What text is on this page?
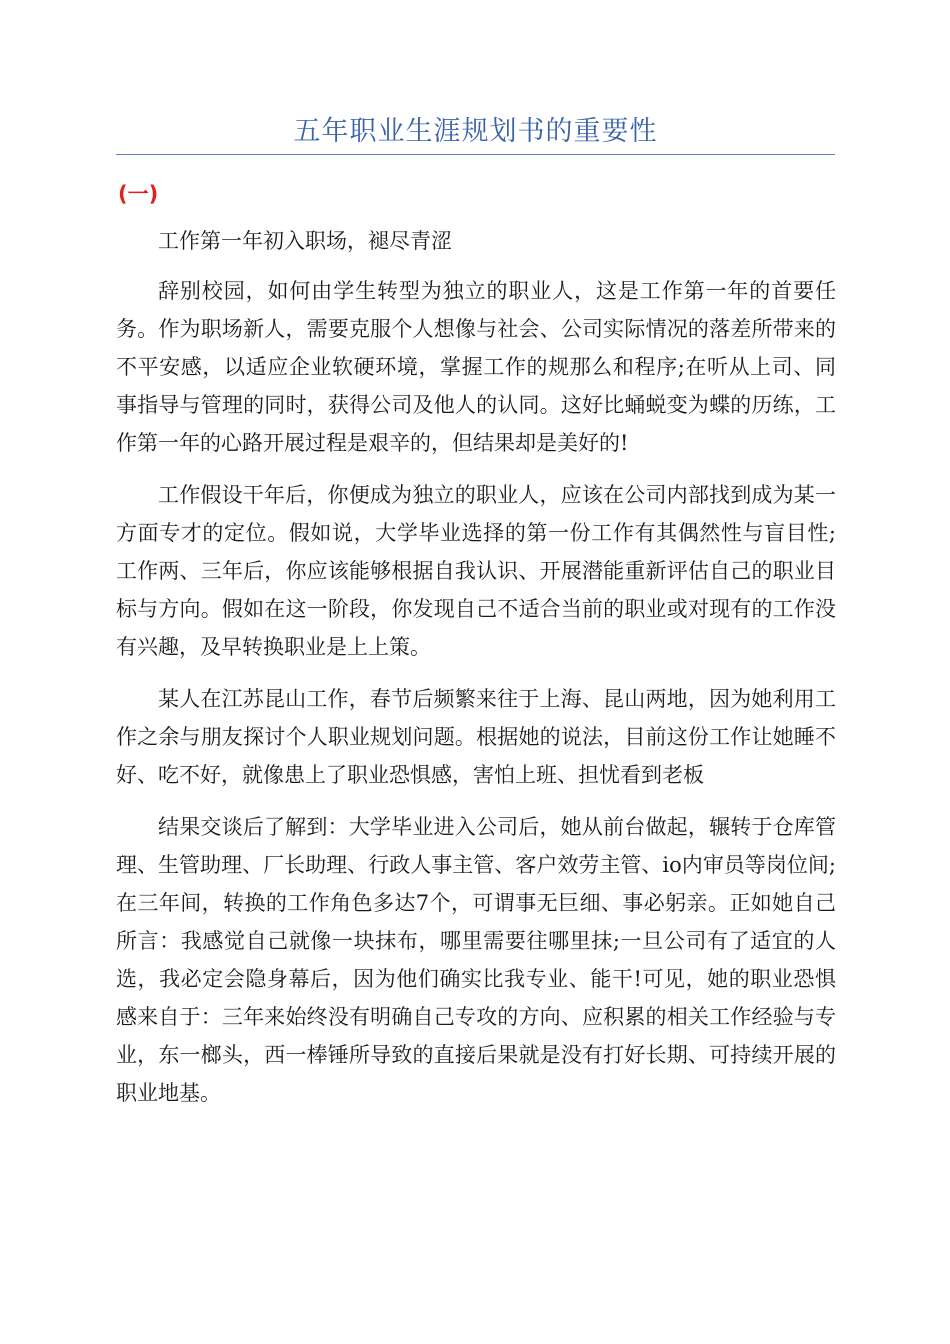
五年职业生涯规划书的重要性
(一)

工作第一年初入职场，褪尽青涩

辞别校园，如何由学生转型为独立的职业人，这是工作第一年的首要任务。作为职场新人，需要克服个人想像与社会、公司实际情况的落差所带来的不平安感，以适应企业软硬环境，掌握工作的规那么和程序;在听从上司、同事指导与管理的同时，获得公司及他人的认同。这好比蛹蜕变为蝶的历练，工作第一年的心路开展过程是艰辛的，但结果却是美好的!

工作假设干年后，你便成为独立的职业人，应该在公司内部找到成为某一方面专才的定位。假如说，大学毕业选择的第一份工作有其偶然性与盲目性;工作两、三年后，你应该能够根据自我认识、开展潜能重新评估自己的职业目标与方向。假如在这一阶段，你发现自己不适合当前的职业或对现有的工作没有兴趣，及早转换职业是上上策。

某人在江苏昆山工作，春节后频繁来往于上海、昆山两地，因为她利用工作之余与朋友探讨个人职业规划问题。根据她的说法，目前这份工作让她睡不好、吃不好，就像患上了职业恐惧感，害怕上班、担忧看到老板

结果交谈后了解到：大学毕业进入公司后，她从前台做起，辗转于仓库管理、生管助理、厂长助理、行政人事主管、客户效劳主管、io内审员等岗位间;在三年间，转换的工作角色多达7个，可谓事无巨细、事必躬亲。正如她自己所言：我感觉自己就像一块抹布，哪里需要往哪里抹;一旦公司有了适宜的人选，我必定会隐身幕后，因为他们确实比我专业、能干!可见，她的职业恐惧感来自于：三年来始终没有明确自己专攻的方向、应积累的相关工作经验与专业，东一榔头，西一棒锤所导致的直接后果就是没有打好长期、可持续开展的职业地基。
